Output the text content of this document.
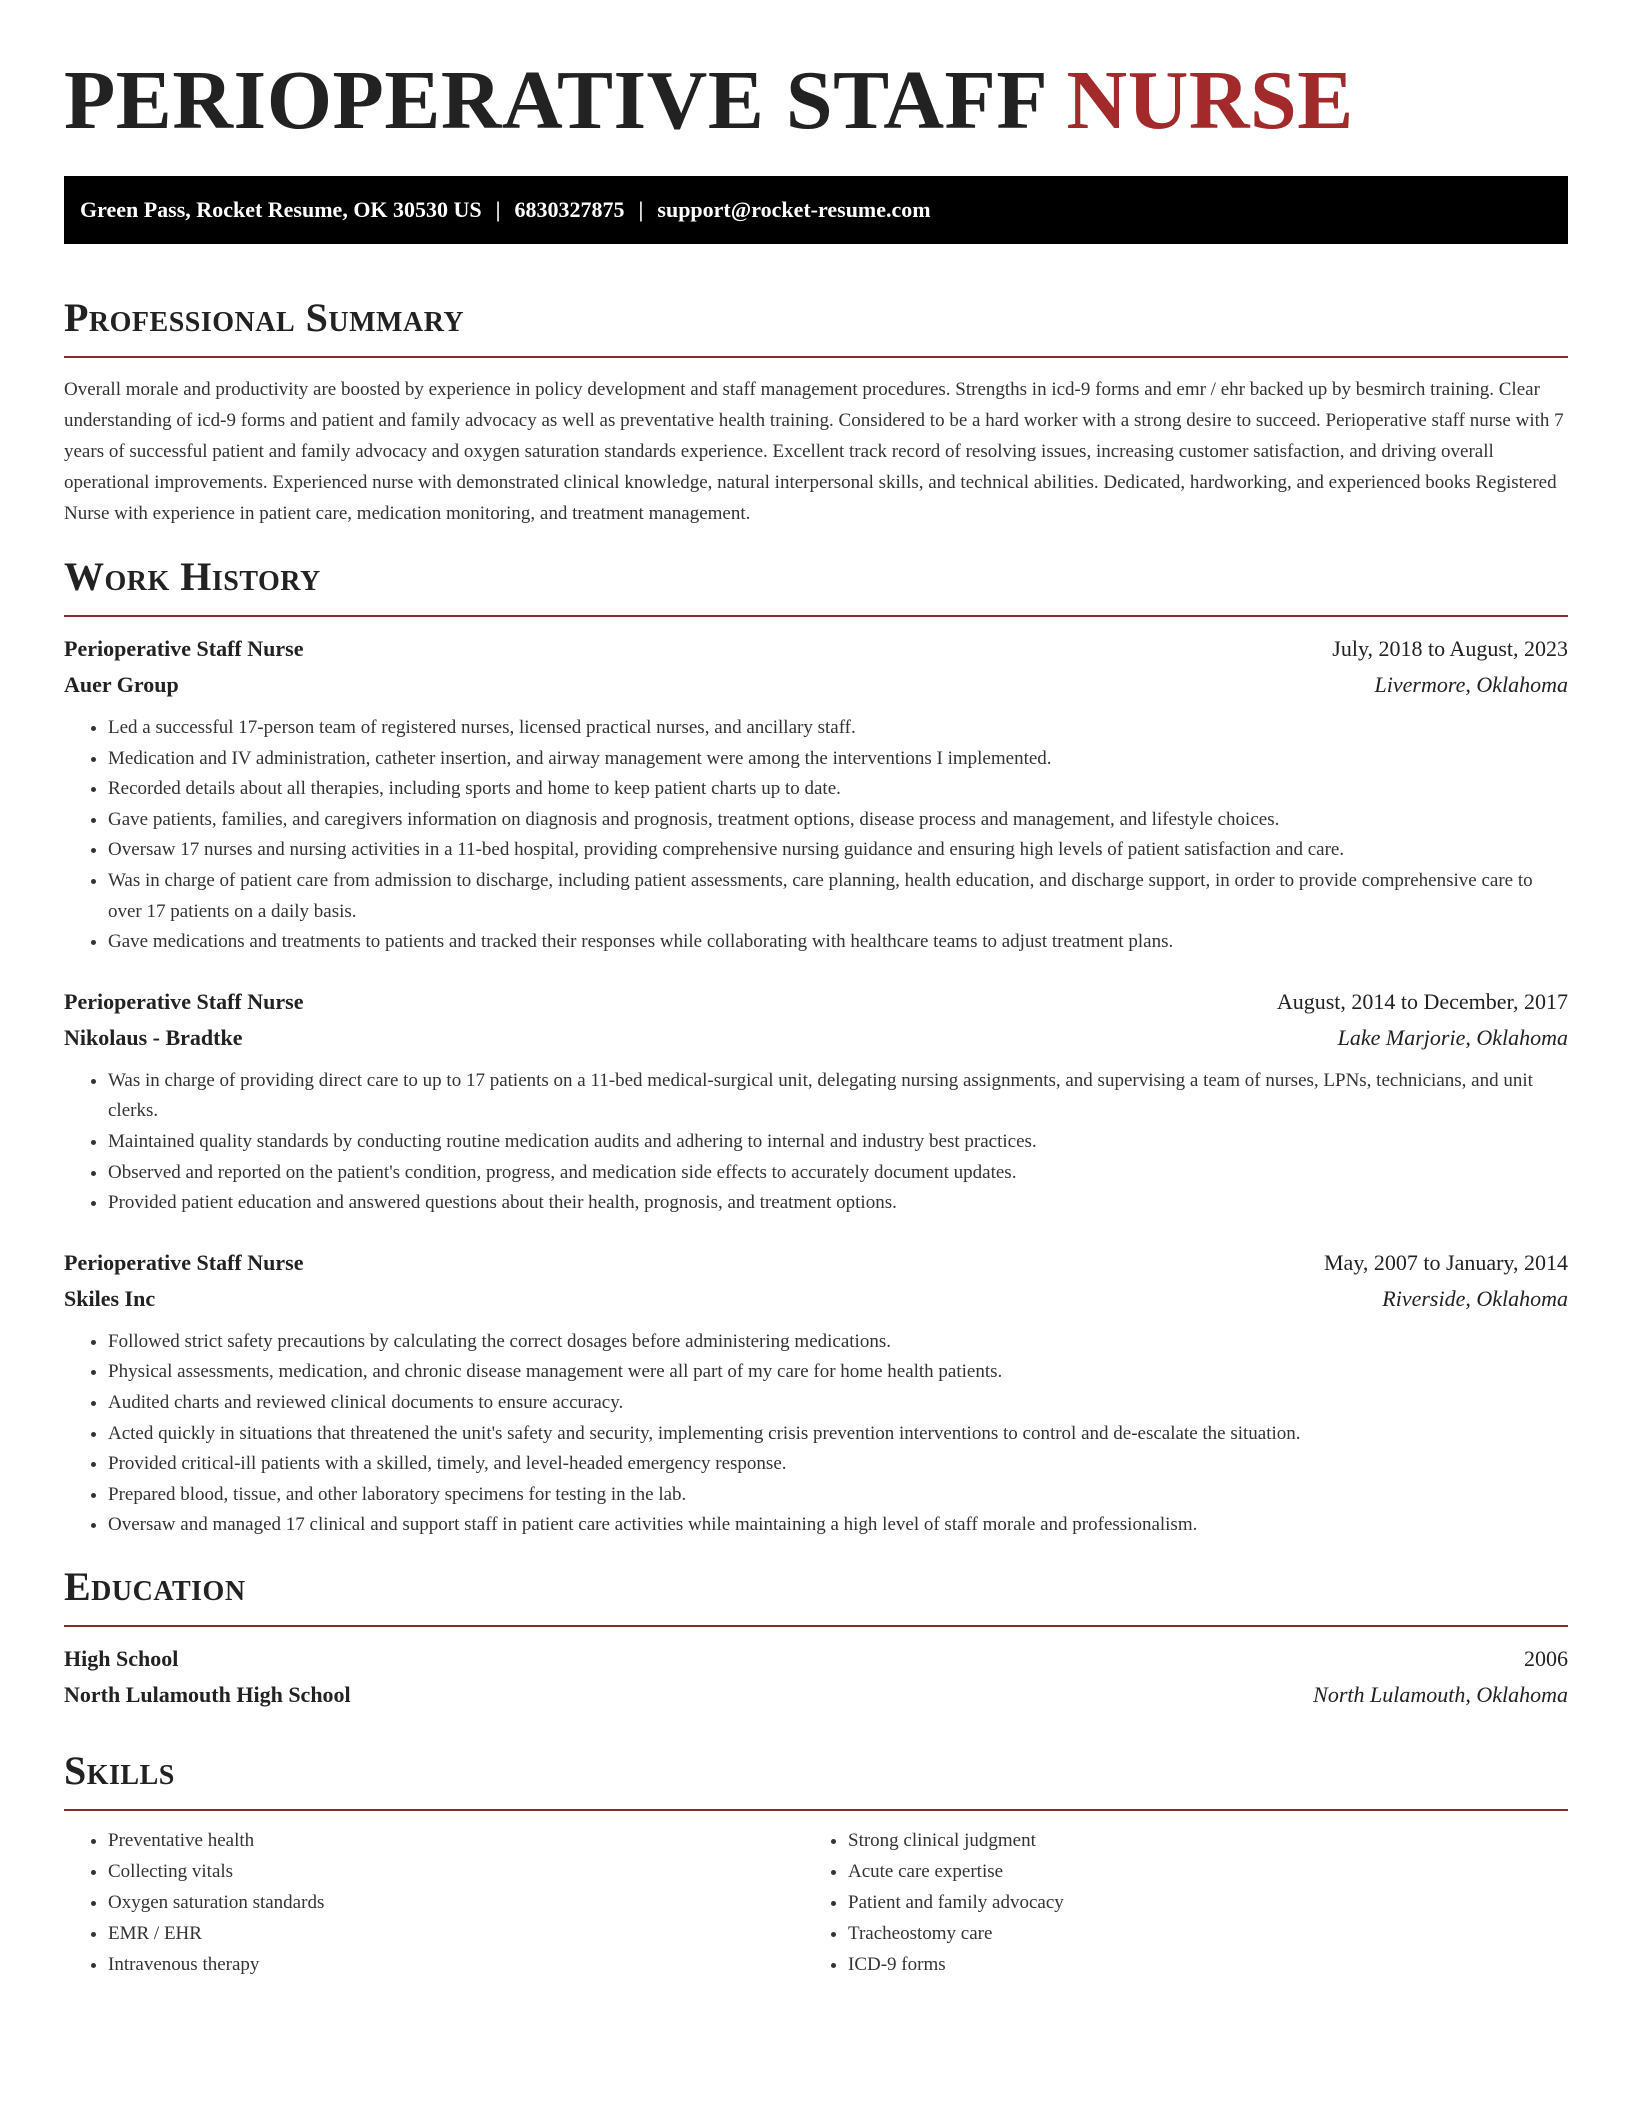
PERIOPERATIVE STAFF NURSE
Green Pass, Rocket Resume, OK 30530 US | 6830327875 | support@rocket-resume.com
Professional Summary

Overall morale and productivity are boosted by experience in policy development and staff management procedures. Strengths in icd-9 forms and emr / ehr backed up by besmirch training. Clear understanding of icd-9 forms and patient and family advocacy as well as preventative health training. Considered to be a hard worker with a strong desire to succeed. Perioperative staff nurse with 7 years of successful patient and family advocacy and oxygen saturation standards experience. Excellent track record of resolving issues, increasing customer satisfaction, and driving overall operational improvements. Experienced nurse with demonstrated clinical knowledge, natural interpersonal skills, and technical abilities. Dedicated, hardworking, and experienced books Registered Nurse with experience in patient care, medication monitoring, and treatment management.

Work History
Perioperative Staff Nurse	July, 2018 to August, 2023
Auer Group	Livermore, Oklahoma
• Led a successful 17-person team of registered nurses, licensed practical nurses, and ancillary staff.
• Medication and IV administration, catheter insertion, and airway management were among the interventions I implemented.
• Recorded details about all therapies, including sports and home to keep patient charts up to date.
• Gave patients, families, and caregivers information on diagnosis and prognosis, treatment options, disease process and management, and lifestyle choices.
• Oversaw 17 nurses and nursing activities in a 11-bed hospital, providing comprehensive nursing guidance and ensuring high levels of patient satisfaction and care.
• Was in charge of patient care from admission to discharge, including patient assessments, care planning, health education, and discharge support, in order to provide comprehensive care to over 17 patients on a daily basis.
• Gave medications and treatments to patients and tracked their responses while collaborating with healthcare teams to adjust treatment plans.
Perioperative Staff Nurse	August, 2014 to December, 2017
Nikolaus - Bradtke	Lake Marjorie, Oklahoma
• Was in charge of providing direct care to up to 17 patients on a 11-bed medical-surgical unit, delegating nursing assignments, and supervising a team of nurses, LPNs, technicians, and unit clerks.
• Maintained quality standards by conducting routine medication audits and adhering to internal and industry best practices.
• Observed and reported on the patient's condition, progress, and medication side effects to accurately document updates.
• Provided patient education and answered questions about their health, prognosis, and treatment options.
Perioperative Staff Nurse	May, 2007 to January, 2014
Skiles Inc	Riverside, Oklahoma
• Followed strict safety precautions by calculating the correct dosages before administering medications.
• Physical assessments, medication, and chronic disease management were all part of my care for home health patients.
• Audited charts and reviewed clinical documents to ensure accuracy.
• Acted quickly in situations that threatened the unit's safety and security, implementing crisis prevention interventions to control and de-escalate the situation.
• Provided critical-ill patients with a skilled, timely, and level-headed emergency response.
• Prepared blood, tissue, and other laboratory specimens for testing in the lab.
• Oversaw and managed 17 clinical and support staff in patient care activities while maintaining a high level of staff morale and professionalism.
Education
High School	2006
North Lulamouth High School	North Lulamouth, Oklahoma
Skills
• Preventative health
• Collecting vitals
• Oxygen saturation standards
• EMR / EHR
• Intravenous therapy
• Strong clinical judgment
• Acute care expertise
• Patient and family advocacy
• Tracheostomy care
• ICD-9 forms
